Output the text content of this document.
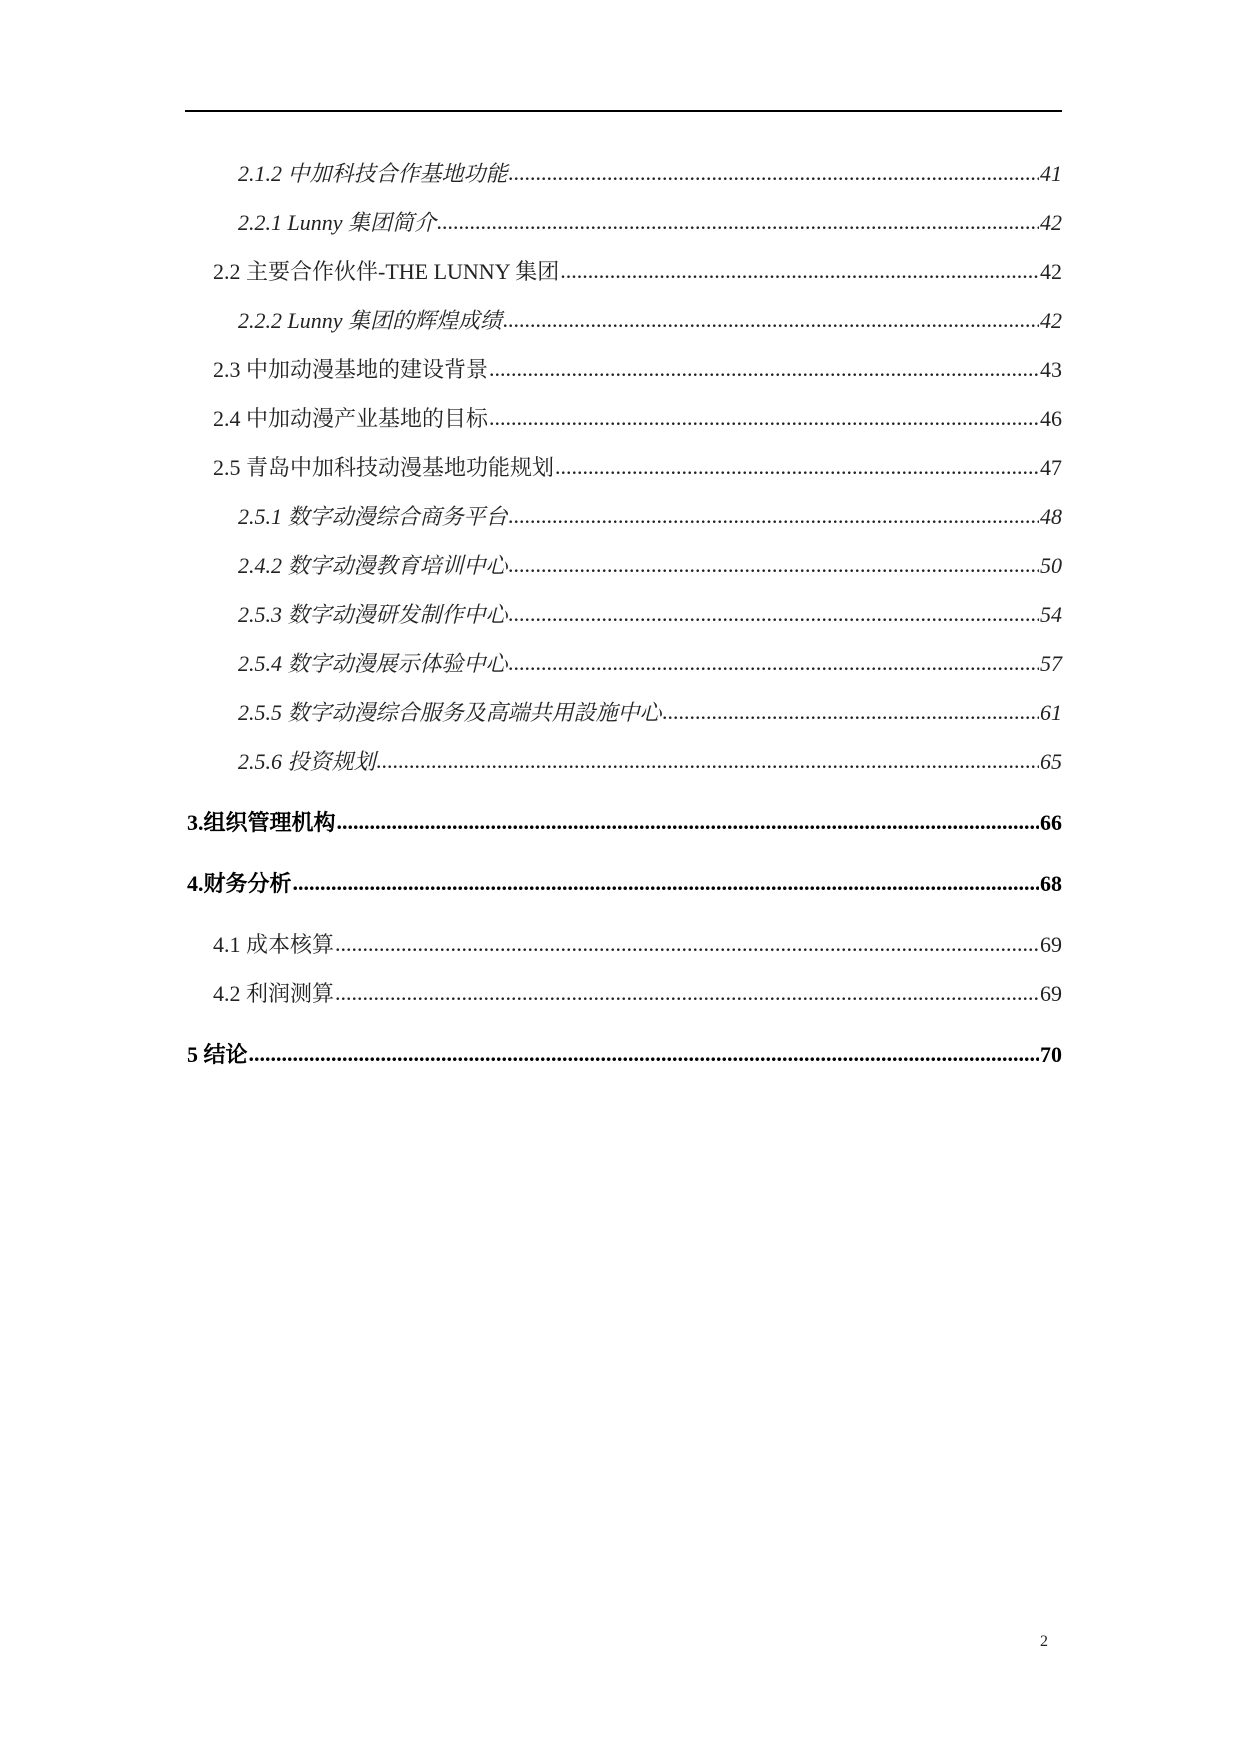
2.1.2 中加科技合作基地功能 .....	41
2.2.1 Lunny 集团简介 .....	42
2.2 主要合作伙伴-THE LUNNY 集团 .....	42
2.2.2 Lunny 集团的辉煌成绩 .....	42
2.3 中加动漫基地的建设背景 .....	43
2.4 中加动漫产业基地的目标 .....	46
2.5 青岛中加科技动漫基地功能规划 .....	47
2.5.1 数字动漫综合商务平台 .....	48
2.4.2 数字动漫教育培训中心 .....	50
2.5.3 数字动漫研发制作中心 .....	54
2.5.4 数字动漫展示体验中心 .....	57
2.5.5 数字动漫综合服务及高端共用設施中心 .....	61
2.5.6 投资规划 .....	65
3.组织管理机构 .....	66
4.财务分析 .....	68
4.1 成本核算 .....	69
4.2 利润测算 .....	69
5 结论 .....	70
2
